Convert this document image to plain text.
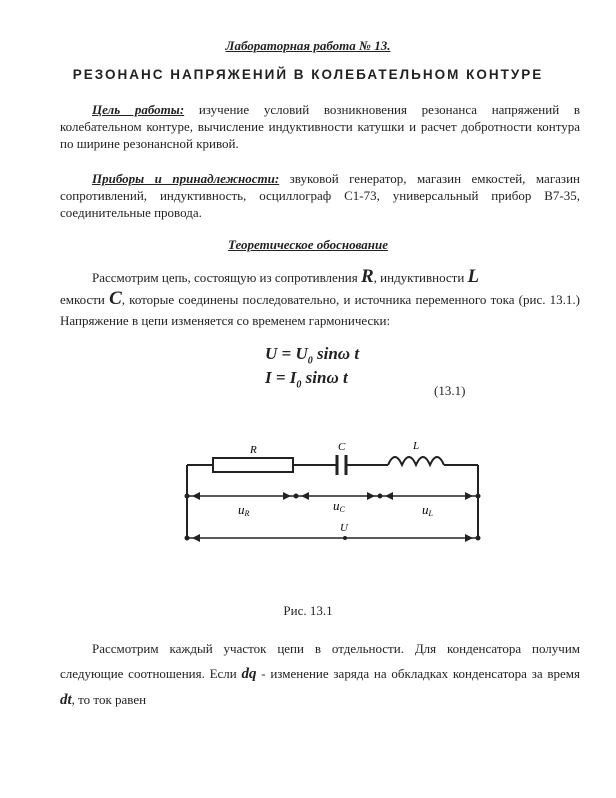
Лабораторная работа № 13.
РЕЗОНАНС НАПРЯЖЕНИЙ В КОЛЕБАТЕЛЬНОМ КОНТУРЕ
Цель работы: изучение условий возникновения резонанса напряжений в колебательном контуре, вычисление индуктивности катушки и расчет добротности контура по ширине резонансной кривой.
Приборы и принадлежности: звуковой генератор, магазин емкостей, магазин сопротивлений, индуктивность, осциллограф С1-73, универсальный прибор В7-35, соединительные провода.
Теоретическое обоснование
Рассмотрим цепь, состоящую из сопротивления R, индуктивности L
емкости C, которые соединены последовательно, и источника переменного тока (рис. 13.1.) Напряжение в цепи изменяется со временем гармонически:
$U = U_0$ sinω t
$I = I_0$ sinω t
(13.1)
R	C	L
uR
uC	uL
U
Рис. 13.1
Рассмотрим каждый участок цепи в отдельности. Для конденсатора получим следующие соотношения. Если dq - изменение заряда на обкладках конденсатора за время dt, то ток равен
